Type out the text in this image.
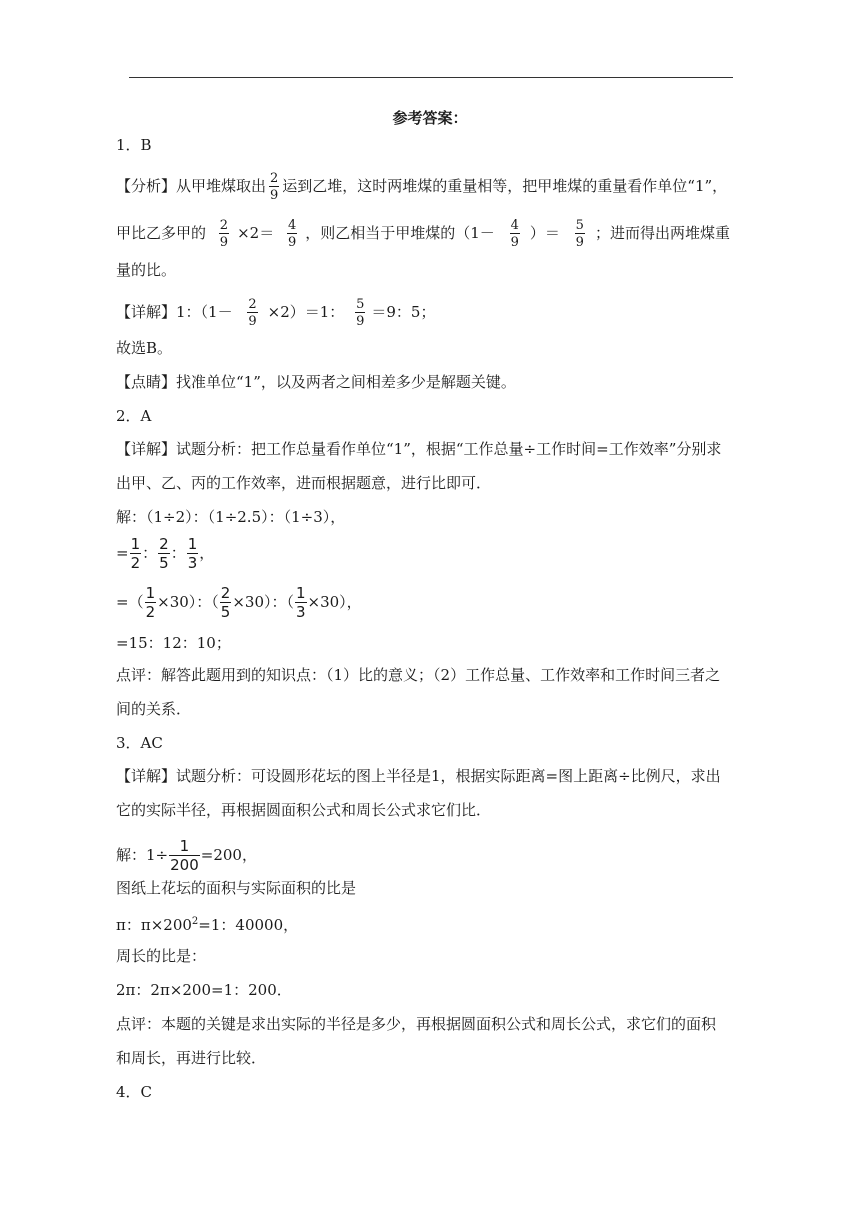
参考答案：
1．B
【分析】从甲堆煤取出 $\frac{2}{9}$ 运到乙堆，这时两堆煤的重量相等，把甲堆煤的重量看作单位“1”，
甲比乙多甲的 $\frac{2}{9} \times 2= \frac{4}{9}$ ，则乙相当于甲堆煤的（$1- \frac{4}{9}$ ）＝ $\frac{5}{9}$ ；进而得出两堆煤重
量的比。
【详解】1：$(1- \frac{2}{9} \times 2)=1$： $\frac{5}{9} =9$：5；
故选B。
【点睛】找准单位“1”，以及两者之间相差多少是解题关键。
2．A
【详解】试题分析：把工作总量看作单位“1”，根据“工作总量÷工作时间=工作效率”分别求
出甲、乙、丙的工作效率，进而根据题意，进行比即可．
解：（1÷2）：（1÷2.5）：（1÷3），
= $\frac{1}{2}$ ： $\frac{2}{5}$ ： $\frac{1}{3}$ ，
=（ $\frac{1}{2} \times 30$）：（ $\frac{2}{5} \times 30$）：（ $\frac{1}{3} \times 30$），
=15：12：10；
点评：解答此题用到的知识点：（1）比的意义；（2）工作总量、工作效率和工作时间三者之
间的关系．
3．AC
【详解】试题分析：可设圆形花坛的图上半径是1，根据实际距离=图上距离÷比例尺，求出
它的实际半径，再根据圆面积公式和周长公式求它们比．
解：$1\div \frac{1}{200} =200$，
图纸上花坛的面积与实际面积的比是
π：$\pi\times 200^2=1$：40000，
周长的比是：
2π：2π×200=1：200．
点评：本题的关键是求出实际的半径是多少，再根据圆面积公式和周长公式，求它们的面积
和周长，再进行比较．
4．C
